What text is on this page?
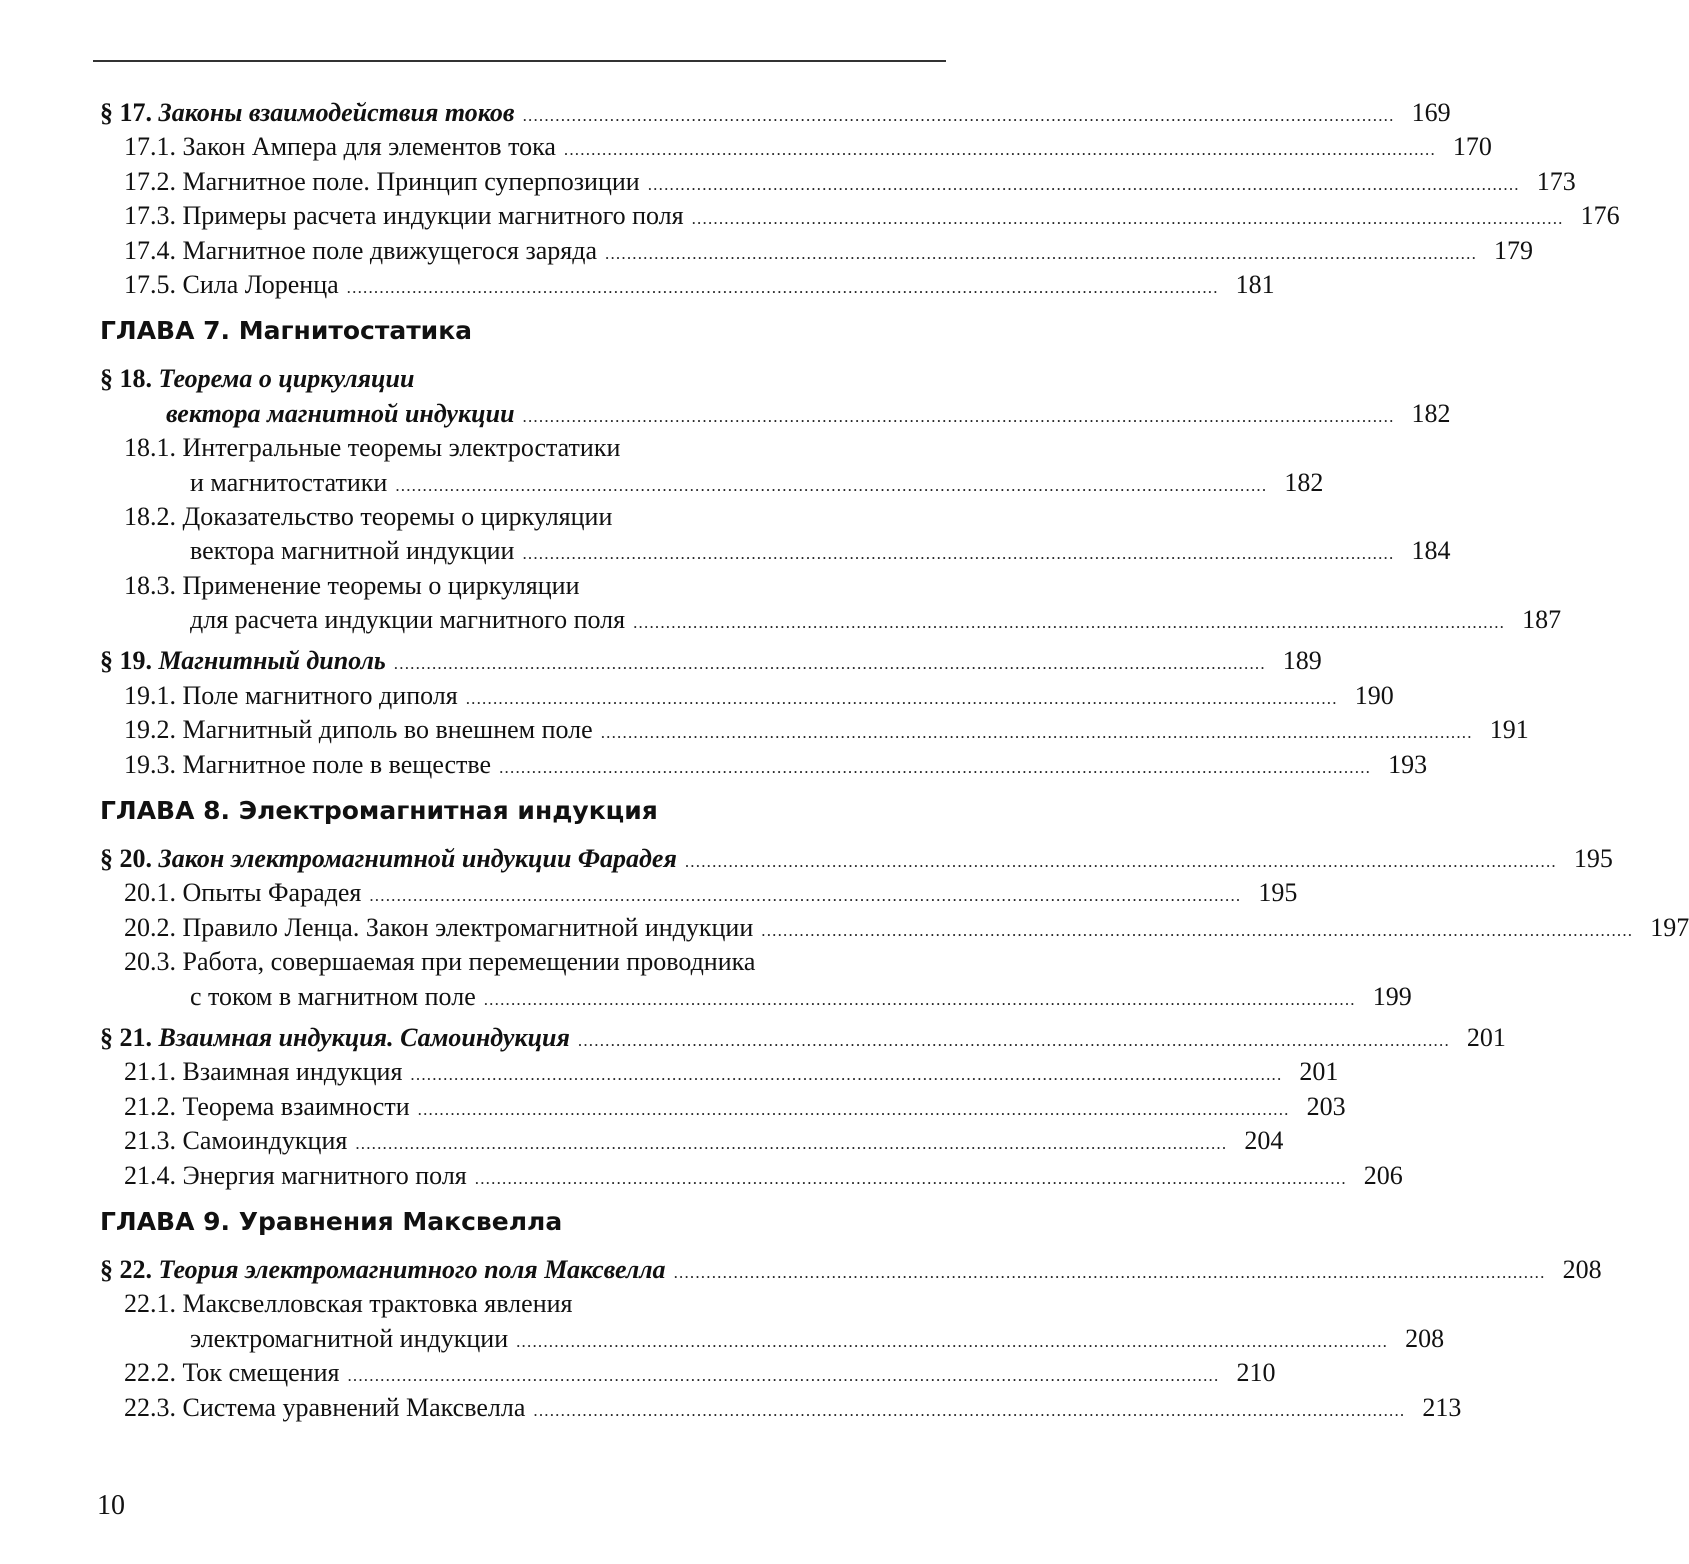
§ 17. Законы взаимодействия токов ................................................................................................................................................................ 169
17.1. Закон Ампера для элементов тока ................................................................................................................................................................ 170
17.2. Магнитное поле. Принцип суперпозиции ................................................................................................................................................................ 173
17.3. Примеры расчета индукции магнитного поля ................................................................................................................................................................ 176
17.4. Магнитное поле движущегося заряда ................................................................................................................................................................ 179
17.5. Сила Лоренца ................................................................................................................................................................ 181
ГЛАВА 7. Магнитостатика
§ 18. Теорема о циркуляции
вектора магнитной индукции ................................................................................................................................................................ 182
18.1. Интегральные теоремы электростатики
и магнитостатики ................................................................................................................................................................ 182
18.2. Доказательство теоремы о циркуляции
вектора магнитной индукции ................................................................................................................................................................ 184
18.3. Применение теоремы о циркуляции
для расчета индукции магнитного поля ................................................................................................................................................................ 187
§ 19. Магнитный диполь ................................................................................................................................................................ 189
19.1. Поле магнитного диполя ................................................................................................................................................................ 190
19.2. Магнитный диполь во внешнем поле ................................................................................................................................................................ 191
19.3. Магнитное поле в веществе ................................................................................................................................................................ 193
ГЛАВА 8. Электромагнитная индукция
§ 20. Закон электромагнитной индукции Фарадея ................................................................................................................................................................ 195
20.1. Опыты Фарадея ................................................................................................................................................................ 195
20.2. Правило Ленца. Закон электромагнитной индукции ................................................................................................................................................................ 197
20.3. Работа, совершаемая при перемещении проводника
с током в магнитном поле ................................................................................................................................................................ 199
§ 21. Взаимная индукция. Самоиндукция ................................................................................................................................................................ 201
21.1. Взаимная индукция ................................................................................................................................................................ 201
21.2. Теорема взаимности ................................................................................................................................................................ 203
21.3. Самоиндукция ................................................................................................................................................................ 204
21.4. Энергия магнитного поля ................................................................................................................................................................ 206
ГЛАВА 9. Уравнения Максвелла
§ 22. Теория электромагнитного поля Максвелла ................................................................................................................................................................ 208
22.1. Максвелловская трактовка явления
электромагнитной индукции ................................................................................................................................................................ 208
22.2. Ток смещения ................................................................................................................................................................ 210
22.3. Система уравнений Максвелла ................................................................................................................................................................ 213
10
